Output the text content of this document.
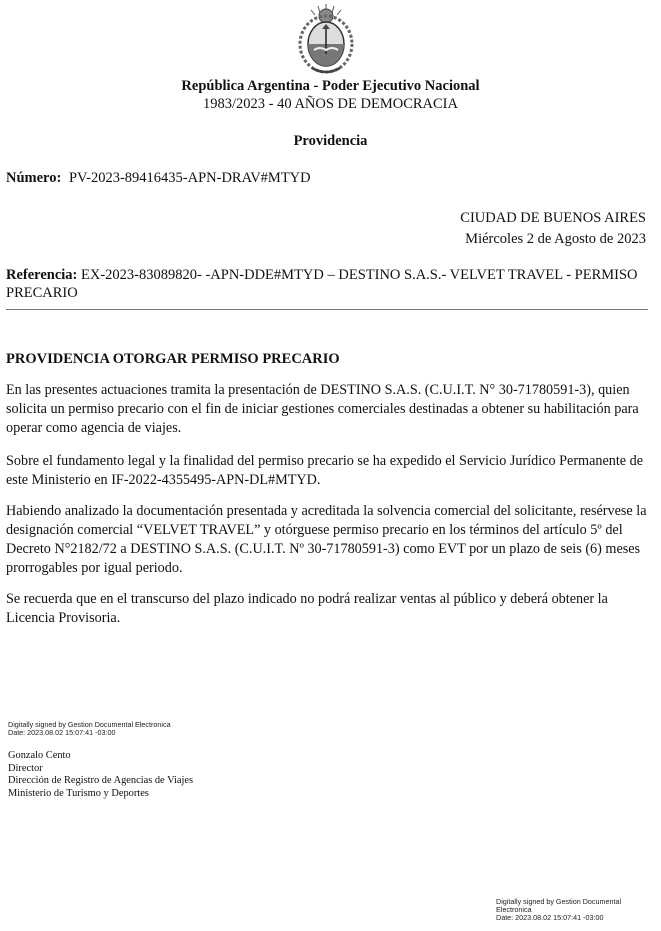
República Argentina - Poder Ejecutivo Nacional
1983/2023 - 40 AÑOS DE DEMOCRACIA
Providencia
Número: PV-2023-89416435-APN-DRAV#MTYD
CIUDAD DE BUENOS AIRES
Miércoles 2 de Agosto de 2023
Referencia: EX-2023-83089820- -APN-DDE#MTYD – DESTINO S.A.S.- VELVET TRAVEL - PERMISO
PRECARIO
PROVIDENCIA OTORGAR PERMISO PRECARIO
En las presentes actuaciones tramita la presentación de DESTINO S.A.S. (C.U.I.T. N° 30-71780591-3), quien
solicita un permiso precario con el fin de iniciar gestiones comerciales destinadas a obtener su habilitación para
operar como agencia de viajes.
Sobre el fundamento legal y la finalidad del permiso precario se ha expedido el Servicio Jurídico Permanente de
este Ministerio en IF-2022-4355495-APN-DL#MTYD.
Habiendo analizado la documentación presentada y acreditada la solvencia comercial del solicitante, resérvese la
designación comercial “VELVET TRAVEL” y otórguese permiso precario en los términos del artículo 5º del
Decreto N°2182/72 a DESTINO S.A.S. (C.U.I.T. Nº 30-71780591-3) como EVT por un plazo de seis (6) meses
prorrogables por igual periodo.
Se recuerda que en el transcurso del plazo indicado no podrá realizar ventas al público y deberá obtener la
Licencia Provisoria.
Digitally signed by Gestion Documental Electronica
Date: 2023.08.02 15:07:41 -03:00
Gonzalo Cento
Director
Dirección de Registro de Agencias de Viajes
Ministerio de Turismo y Deportes
Digitally signed by Gestion Documental
Electronica
Date: 2023.08.02 15:07:41 -03:00
